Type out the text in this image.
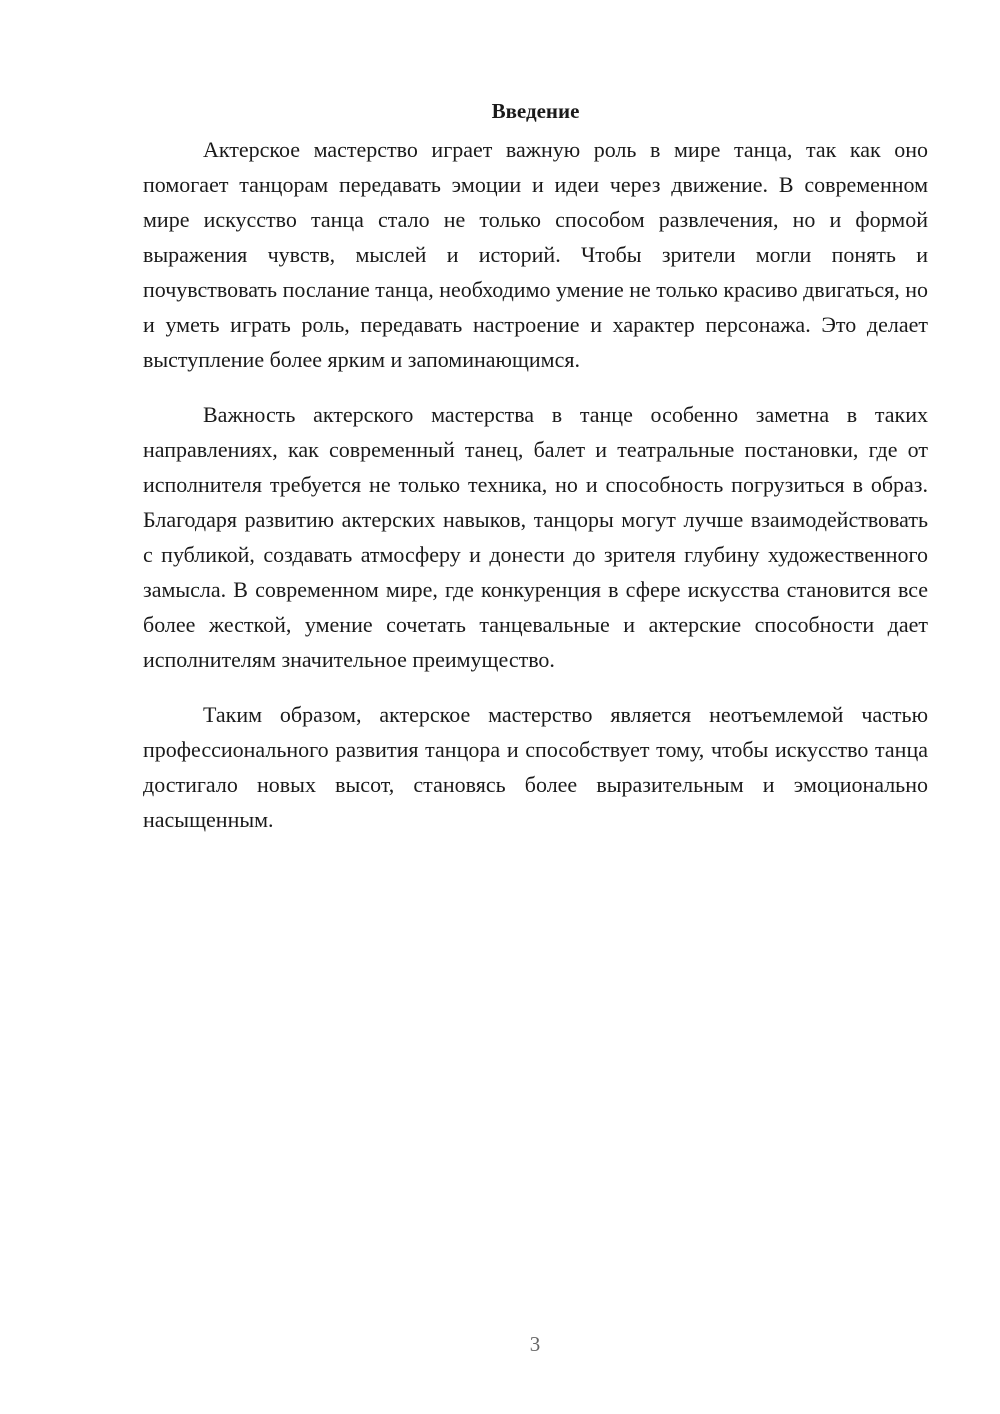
Введение

Актерское мастерство играет важную роль в мире танца, так как оно помогает танцорам передавать эмоции и идеи через движение. В современном мире искусство танца стало не только способом развлечения, но и формой выражения чувств, мыслей и историй. Чтобы зрители могли понять и почувствовать послание танца, необходимо умение не только красиво двигаться, но и уметь играть роль, передавать настроение и характер персонажа. Это делает выступление более ярким и запоминающимся.

Важность актерского мастерства в танце особенно заметна в таких направлениях, как современный танец, балет и театральные постановки, где от исполнителя требуется не только техника, но и способность погрузиться в образ. Благодаря развитию актерских навыков, танцоры могут лучше взаимодействовать с публикой, создавать атмосферу и донести до зрителя глубину художественного замысла. В современном мире, где конкуренция в сфере искусства становится все более жесткой, умение сочетать танцевальные и актерские способности дает исполнителям значительное преимущество.

Таким образом, актерское мастерство является неотъемлемой частью профессионального развития танцора и способствует тому, чтобы искусство танца достигало новых высот, становясь более выразительным и эмоционально насыщенным.

3
